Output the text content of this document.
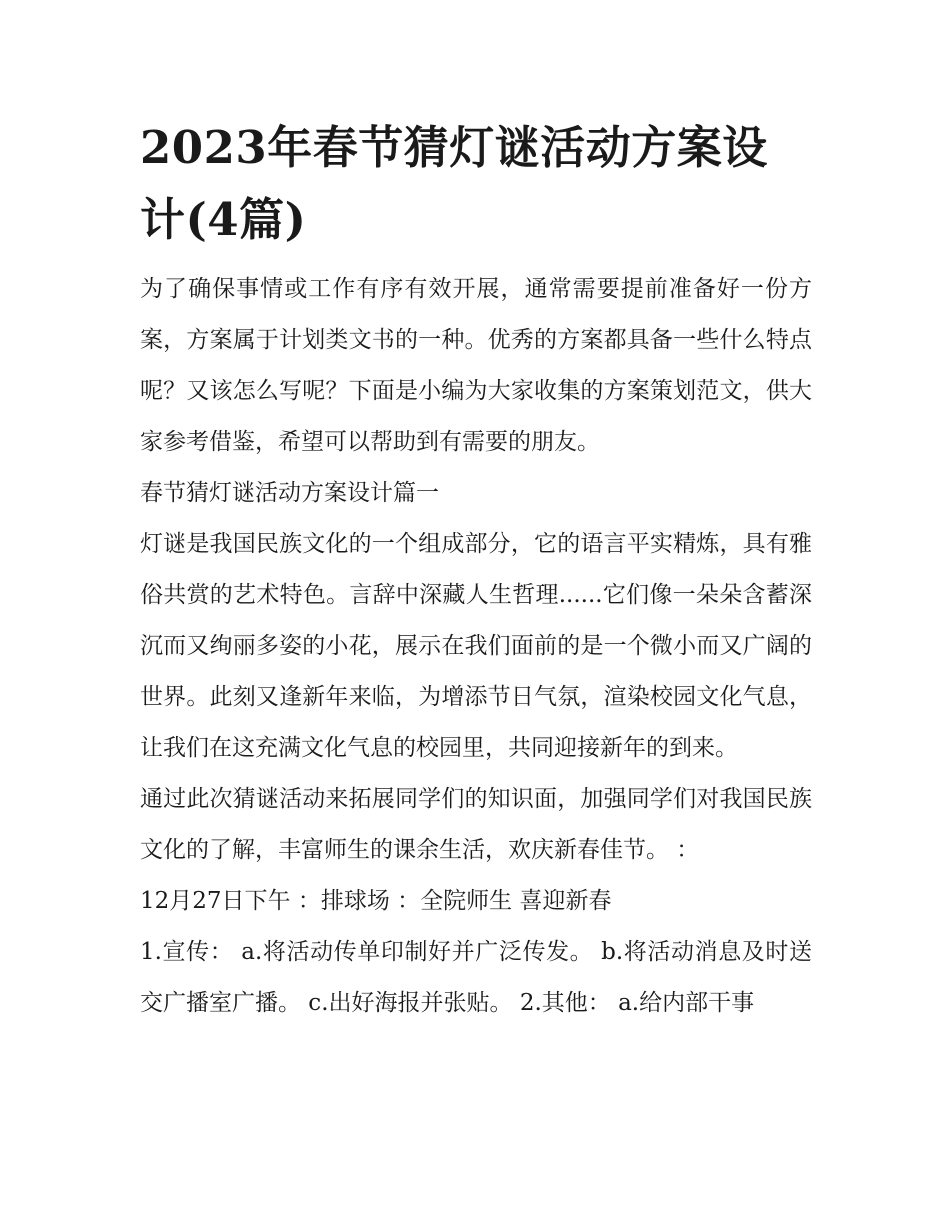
2023年春节猜灯谜活动方案设计(4篇)

为了确保事情或工作有序有效开展，通常需要提前准备好一份方案，方案属于计划类文书的一种。优秀的方案都具备一些什么特点呢？又该怎么写呢？下面是小编为大家收集的方案策划范文，供大家参考借鉴，希望可以帮助到有需要的朋友。

春节猜灯谜活动方案设计篇一

灯谜是我国民族文化的一个组成部分，它的语言平实精炼，具有雅俗共赏的艺术特色。言辞中深藏人生哲理......它们像一朵朵含蓄深沉而又绚丽多姿的小花，展示在我们面前的是一个微小而又广阔的世界。此刻又逢新年来临，为增添节日气氛，渲染校园文化气息，让我们在这充满文化气息的校园里，共同迎接新年的到来。

通过此次猜谜活动来拓展同学们的知识面，加强同学们对我国民族文化的了解，丰富师生的课余生活，欢庆新春佳节。 ：

12月27日下午 ：排球场 ：全院师生 喜迎新春

1.宣传： a.将活动传单印制好并广泛传发。 b.将活动消息及时送交广播室广播。 c.出好海报并张贴。 2.其他： a.给内部干事
